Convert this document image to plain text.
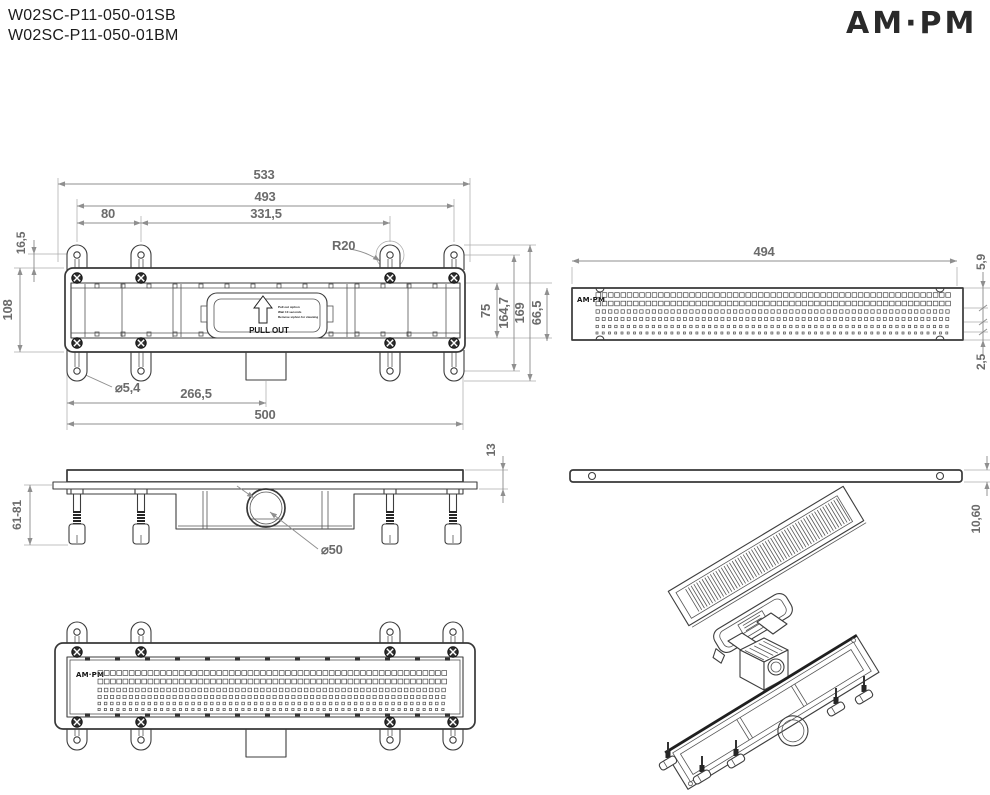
W02SC-P11-050-01SB
W02SC-P11-050-01BM	AM·PM
533
493
80	331,5
R20
16,5
108	75 164,7 169 66,5
⌀5,4	266,5
500
PULL OUT
Pull out siphon
Wait 10 seconds
Remove siphon for cleaning
494
5,9
2,5
AM·PM
13
61-81
⌀50
10,60
AM·PM
